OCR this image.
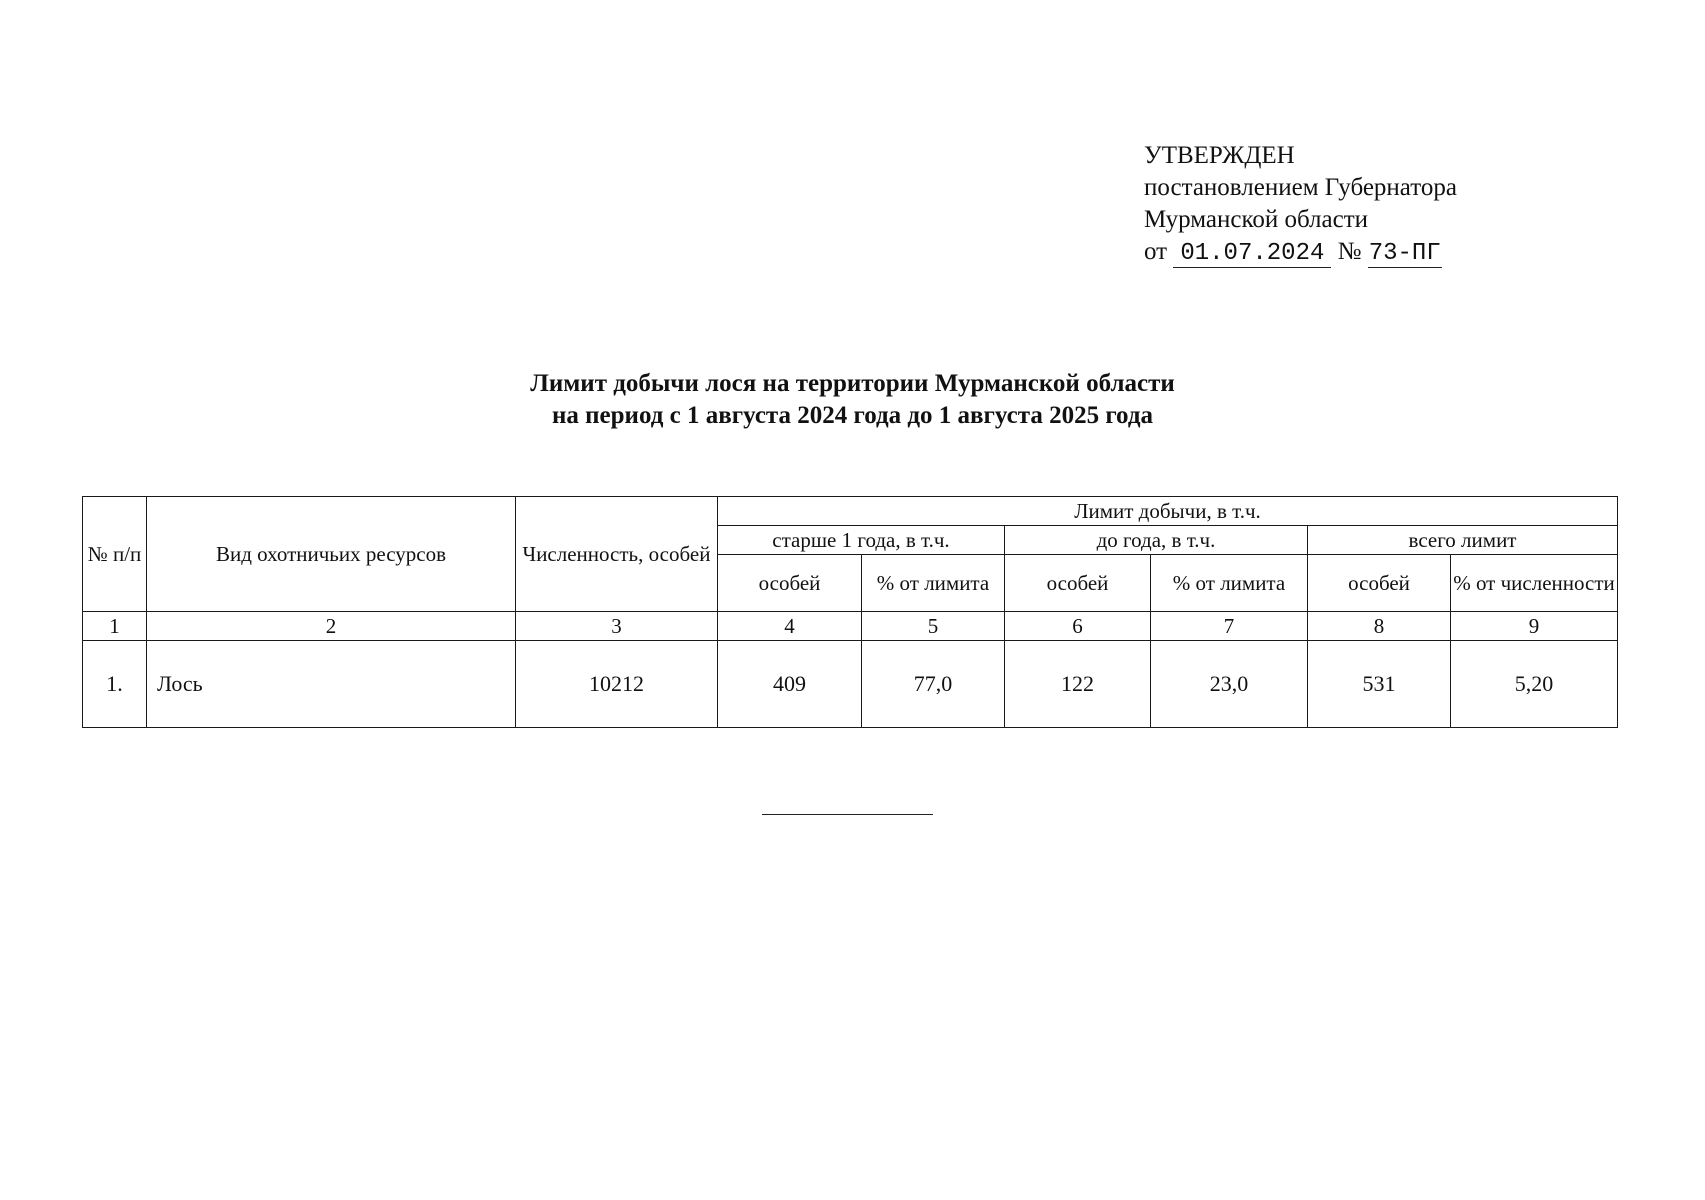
УТВЕРЖДЕН
постановлением Губернатора
Мурманской области
от 01.07.2024 № 73-ПГ
Лимит добычи лося на территории Мурманской области
на период с 1 августа 2024 года до 1 августа 2025 года
№ п/п	Вид охотничьих ресурсов	Численность, особей	Лимит добычи, в т.ч.					
			старше 1 года, в т.ч.		до года, в т.ч.		всего лимит	
			особей	% от лимита	особей	% от лимита	особей	% от численности
1	2	3	4	5	6	7	8	9
1.	Лось	10212	409	77,0	122	23,0	531	5,20
